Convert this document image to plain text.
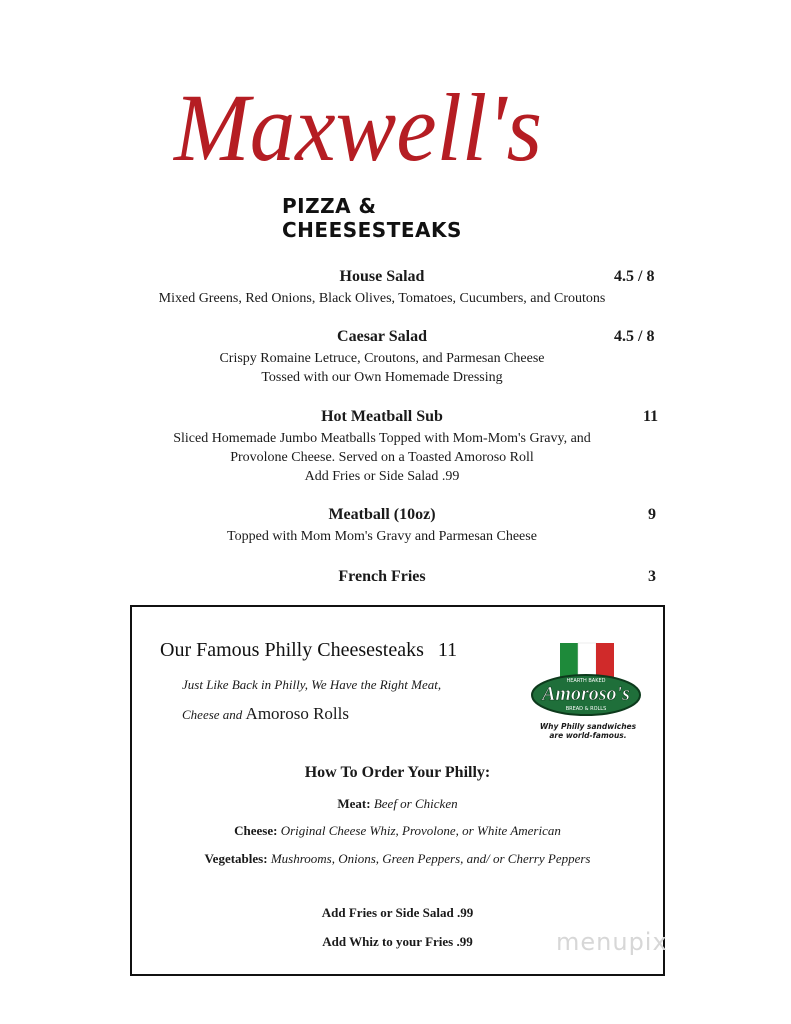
Maxwell's
PIZZA & CHEESESTEAKS
House Salad	4.5 / 8
Mixed Greens, Red Onions, Black Olives, Tomatoes, Cucumbers, and Croutons
Caesar Salad	4.5 / 8
Crispy Romaine Letruce, Croutons, and Parmesan Cheese
Tossed with our Own Homemade Dressing
Hot Meatball Sub	11
Sliced Homemade Jumbo Meatballs Topped with Mom-Mom's Gravy, and
Provolone Cheese. Served on a Toasted Amoroso Roll
Add Fries or Side Salad .99
Meatball (10oz)	9
Topped with Mom Mom's Gravy and Parmesan Cheese
French Fries	3
Our Famous Philly Cheesesteaks 11
Just Like Back in Philly, We Have the Right Meat,
Cheese and Amoroso Rolls
HEARTH BAKED
Amoroso's
BREAD & ROLLS
Why Philly sandwiches
are world-famous.
How To Order Your Philly:
Meat: Beef or Chicken
Cheese: Original Cheese Whiz, Provolone, or White American
Vegetables: Mushrooms, Onions, Green Peppers, and/ or Cherry Peppers
Add Fries or Side Salad .99
Add Whiz to your Fries .99	menupix
